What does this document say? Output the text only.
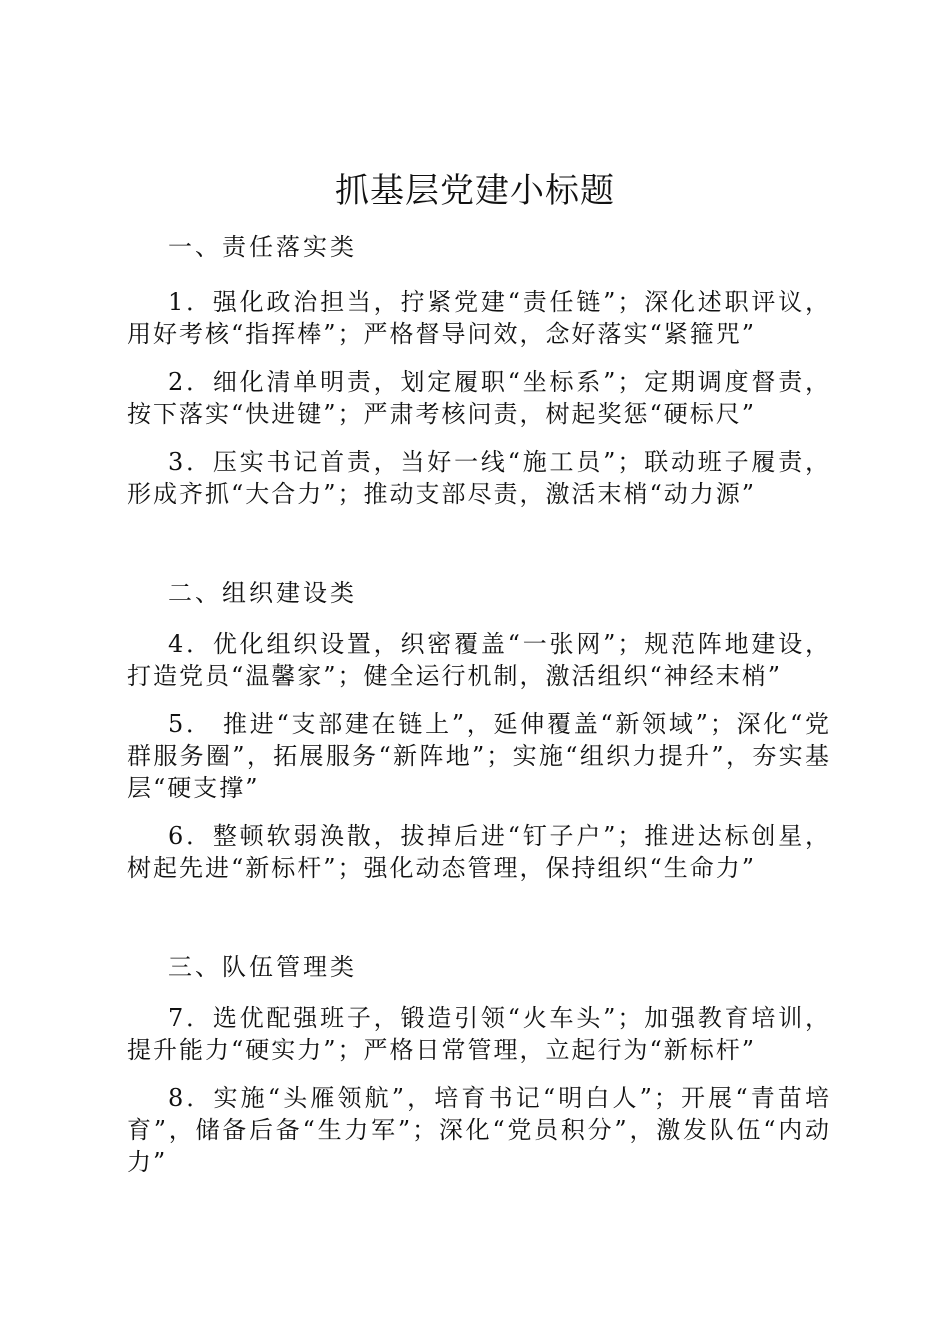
抓基层党建小标题
一、责任落实类

1．强化政治担当，拧紧党建“责任链”；深化述职评议，用好考核“指挥棒”；严格督导问效，念好落实“紧箍咒”

2．细化清单明责，划定履职“坐标系”；定期调度督责，按下落实“快进键”；严肃考核问责，树起奖惩“硬标尺”

3．压实书记首责，当好一线“施工员”；联动班子履责，形成齐抓“大合力”；推动支部尽责，激活末梢“动力源”

二、组织建设类

4．优化组织设置，织密覆盖“一张网”；规范阵地建设，打造党员“温馨家”；健全运行机制，激活组织“神经末梢”

5． 推进“支部建在链上”，延伸覆盖“新领域”；深化“党群服务圈”，拓展服务“新阵地”；实施“组织力提升”，夯实基层“硬支撑”

6．整顿软弱涣散，拔掉后进“钉子户”；推进达标创星，树起先进“新标杆”；强化动态管理，保持组织“生命力”

三、队伍管理类

7．选优配强班子，锻造引领“火车头”；加强教育培训，提升能力“硬实力”；严格日常管理，立起行为“新标杆”

8．实施“头雁领航”，培育书记“明白人”；开展“青苗培育”，储备后备“生力军”；深化“党员积分”，激发队伍“内动力”
